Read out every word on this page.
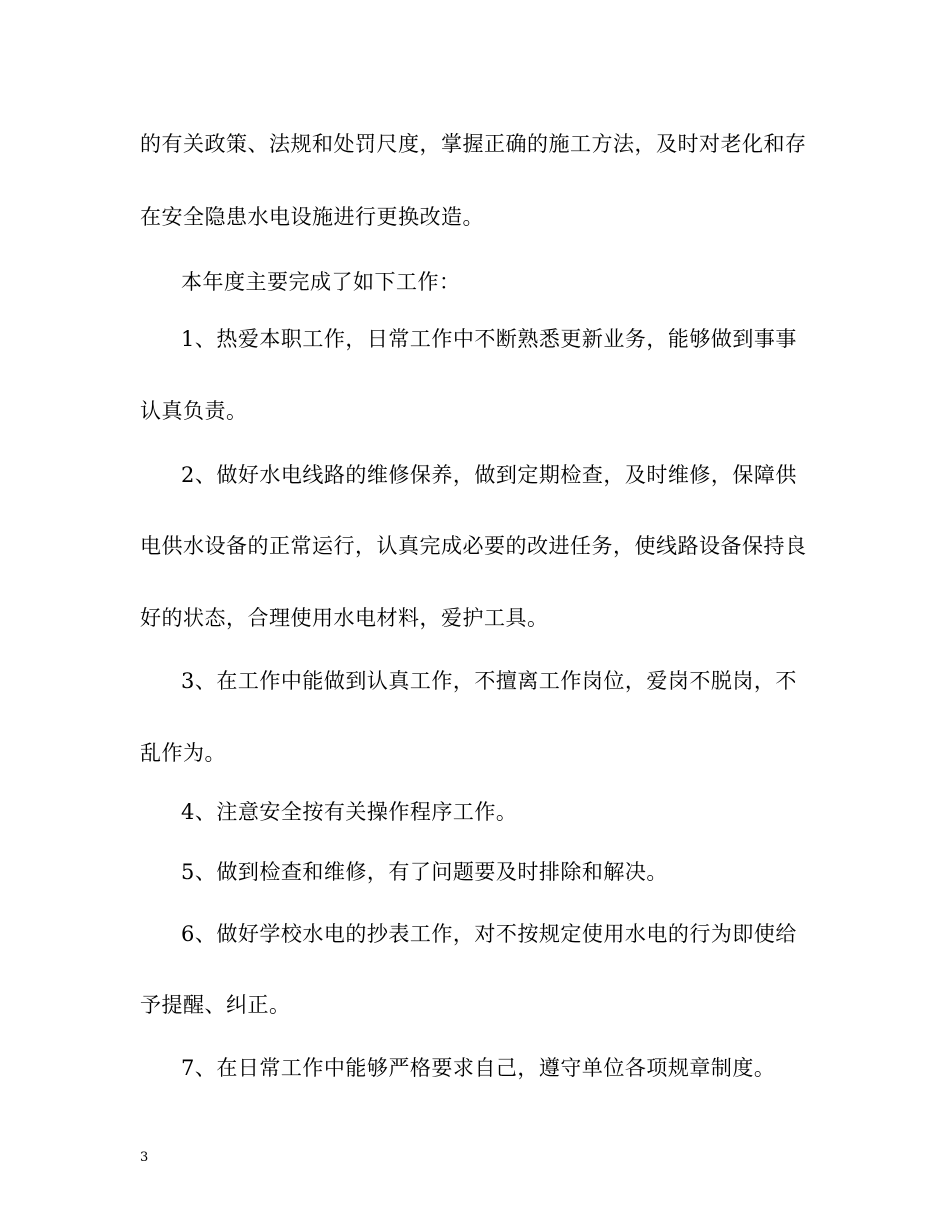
的有关政策、法规和处罚尺度，掌握正确的施工方法，及时对老化和存
在安全隐患水电设施进行更换改造。
本年度主要完成了如下工作：
1、热爱本职工作，日常工作中不断熟悉更新业务，能够做到事事
认真负责。
2、做好水电线路的维修保养，做到定期检查，及时维修，保障供
电供水设备的正常运行，认真完成必要的改进任务，使线路设备保持良
好的状态，合理使用水电材料，爱护工具。
3、在工作中能做到认真工作，不擅离工作岗位，爱岗不脱岗，不
乱作为。
4、注意安全按有关操作程序工作。
5、做到检查和维修，有了问题要及时排除和解决。
6、做好学校水电的抄表工作，对不按规定使用水电的行为即使给
予提醒、纠正。
7、在日常工作中能够严格要求自己，遵守单位各项规章制度。
3
